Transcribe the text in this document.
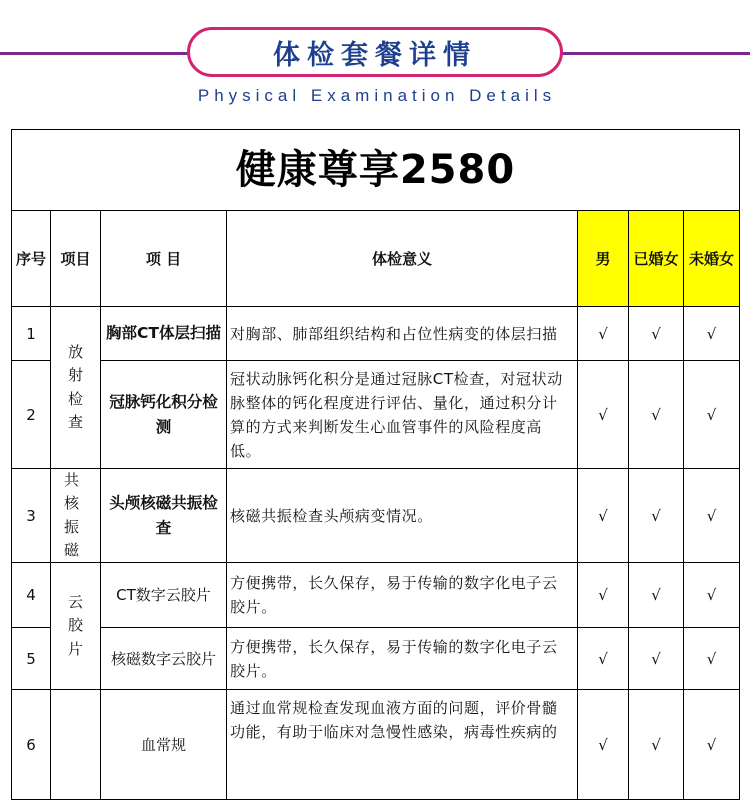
体检套餐详情
Physical Examination Details
健康尊享2580						
序号	项目	项 目	体检意义	男	已婚女	未婚女
1	放射检查	胸部CT体层扫描	对胸部、肺部组织结构和占位性病变的体层扫描	√	√	√
2		冠脉钙化积分检测	冠状动脉钙化积分是通过冠脉CT检查，对冠状动脉整体的钙化程度进行评估、量化，通过积分计算的方式来判断发生心血管事件的风险程度高低。	√	√	√
3	共核振磁	头颅核磁共振检查	核磁共振检查头颅病变情况。	√	√	√
4	云胶片	CT数字云胶片	方便携带，长久保存，易于传输的数字化电子云胶片。	√	√	√
5		核磁数字云胶片	方便携带，长久保存，易于传输的数字化电子云胶片。	√	√	√
6		血常规	通过血常规检查发现血液方面的问题，评价骨髓功能，有助于临床对急慢性感染，病毒性疾病的	√	√	√
